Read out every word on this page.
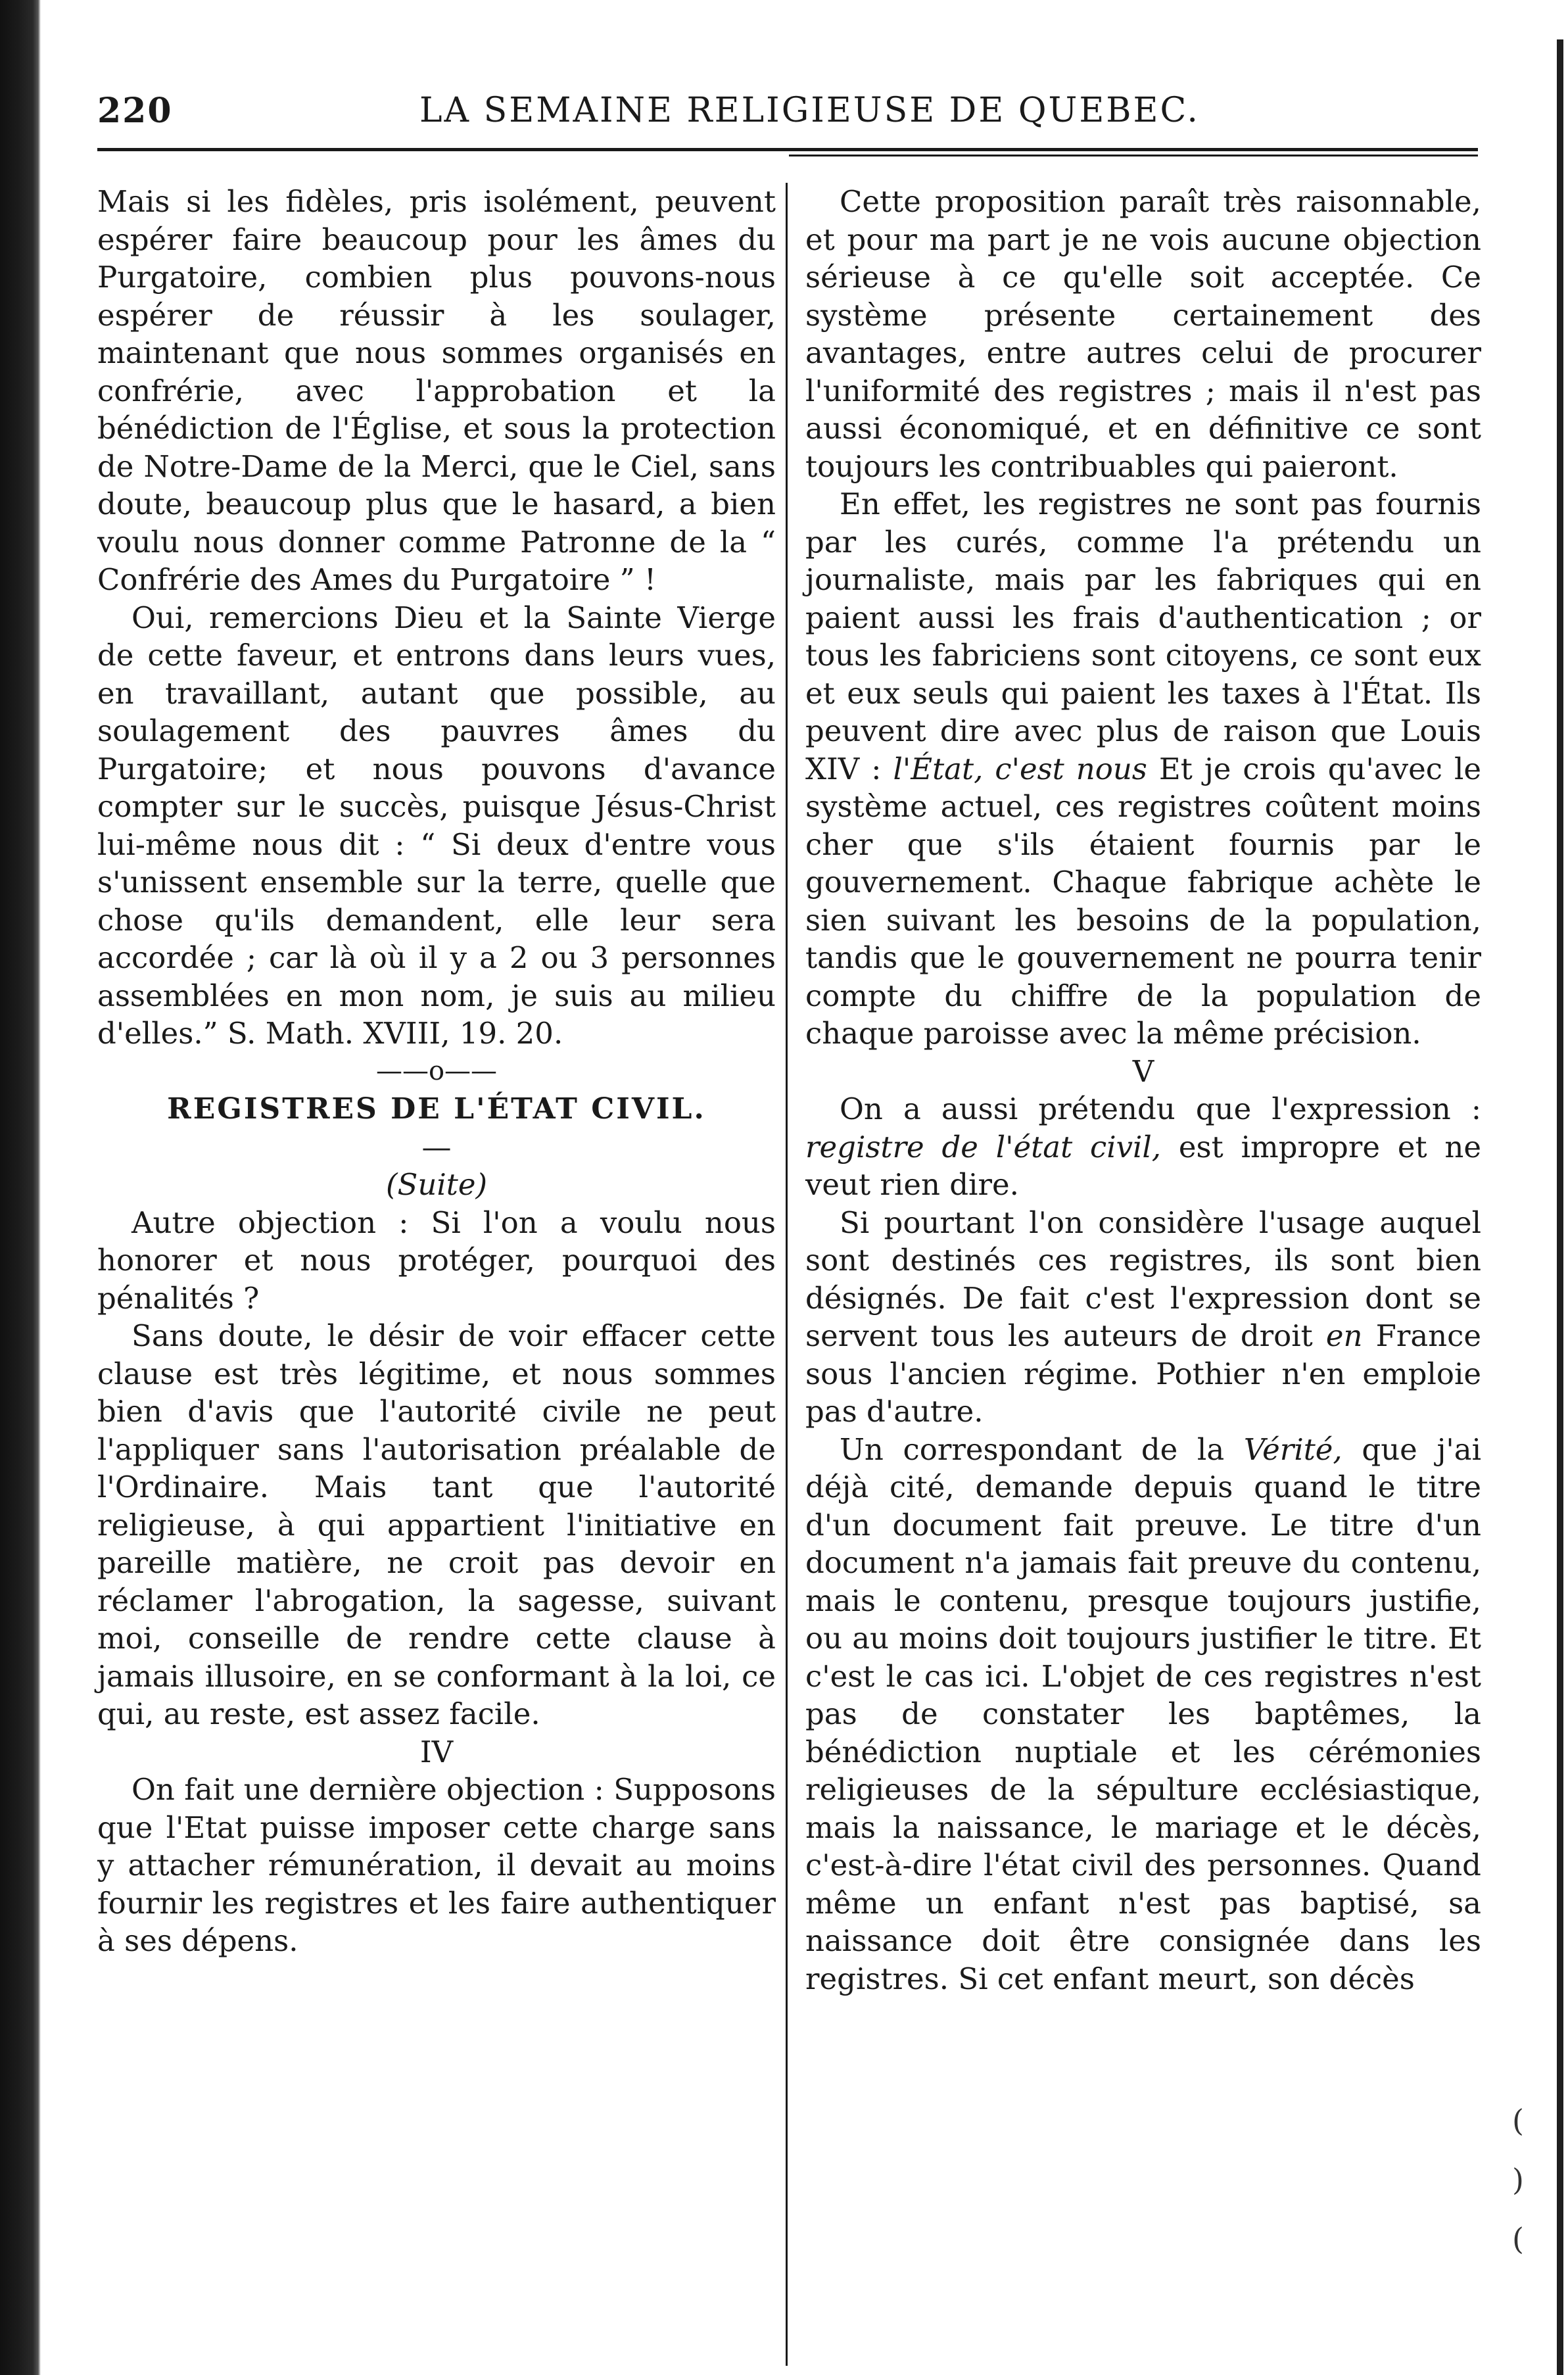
( ) (
220	LA SEMAINE RELIGIEUSE DE QUEBEC.

Mais si les fidèles, pris isolément, peuvent espérer faire beaucoup pour les âmes du Purgatoire, combien plus pouvons-nous espérer de réussir à les soulager, maintenant que nous sommes organisés en confrérie, avec l'approbation et la bénédiction de l'Église, et sous la protection de Notre-Dame de la Merci, que le Ciel, sans doute, beaucoup plus que le hasard, a bien voulu nous donner comme Patronne de la “ Confrérie des Ames du Purgatoire ” !

Oui, remercions Dieu et la Sainte Vierge de cette faveur, et entrons dans leurs vues, en travaillant, autant que possible, au soulagement des pauvres âmes du Purgatoire; et nous pouvons d'avance compter sur le succès, puisque Jésus-Christ lui-même nous dit : “ Si deux d'entre vous s'unissent ensemble sur la terre, quelle que chose qu'ils demandent, elle leur sera accordée ; car là où il y a 2 ou 3 personnes assemblées en mon nom, je suis au milieu d'elles.” S. Math. XVIII, 19. 20.

——o——

REGISTRES DE L'ÉTAT CIVIL.

—

(Suite)

Autre objection : Si l'on a voulu nous honorer et nous protéger, pourquoi des pénalités ?

Sans doute, le désir de voir effacer cette clause est très légitime, et nous sommes bien d'avis que l'autorité civile ne peut l'appliquer sans l'autorisation préalable de l'Ordinaire. Mais tant que l'autorité religieuse, à qui appartient l'initiative en pareille matière, ne croit pas devoir en réclamer l'abrogation, la sagesse, suivant moi, conseille de rendre cette clause à jamais illusoire, en se conformant à la loi, ce qui, au reste, est assez facile.

IV

On fait une dernière objection : Supposons que l'Etat puisse imposer cette charge sans y attacher rémunération, il devait au moins fournir les registres et les faire authentiquer à ses dépens.

Cette proposition paraît très raisonnable, et pour ma part je ne vois aucune objection sérieuse à ce qu'elle soit acceptée. Ce système présente certainement des avantages, entre autres celui de procurer l'uniformité des registres ; mais il n'est pas aussi économiqué, et en définitive ce sont toujours les contribuables qui paieront.

En effet, les registres ne sont pas fournis par les curés, comme l'a prétendu un journaliste, mais par les fabriques qui en paient aussi les frais d'authentication ; or tous les fabriciens sont citoyens, ce sont eux et eux seuls qui paient les taxes à l'État. Ils peuvent dire avec plus de raison que Louis XIV : l'État, c'est nous Et je crois qu'avec le système actuel, ces registres coûtent moins cher que s'ils étaient fournis par le gouvernement. Chaque fabrique achète le sien suivant les besoins de la population, tandis que le gouvernement ne pourra tenir compte du chiffre de la population de chaque paroisse avec la même précision.

V

On a aussi prétendu que l'expression : registre de l'état civil, est impropre et ne veut rien dire.

Si pourtant l'on considère l'usage auquel sont destinés ces registres, ils sont bien désignés. De fait c'est l'expression dont se servent tous les auteurs de droit en France sous l'ancien régime. Pothier n'en emploie pas d'autre.

Un correspondant de la Vérité, que j'ai déjà cité, demande depuis quand le titre d'un document fait preuve. Le titre d'un document n'a jamais fait preuve du contenu, mais le contenu, presque toujours justifie, ou au moins doit toujours justifier le titre. Et c'est le cas ici. L'objet de ces registres n'est pas de constater les baptêmes, la bénédiction nuptiale et les cérémonies religieuses de la sépulture ecclésiastique, mais la naissance, le mariage et le décès, c'est-à-dire l'état civil des personnes. Quand même un enfant n'est pas baptisé, sa naissance doit être consignée dans les registres. Si cet enfant meurt, son décès
